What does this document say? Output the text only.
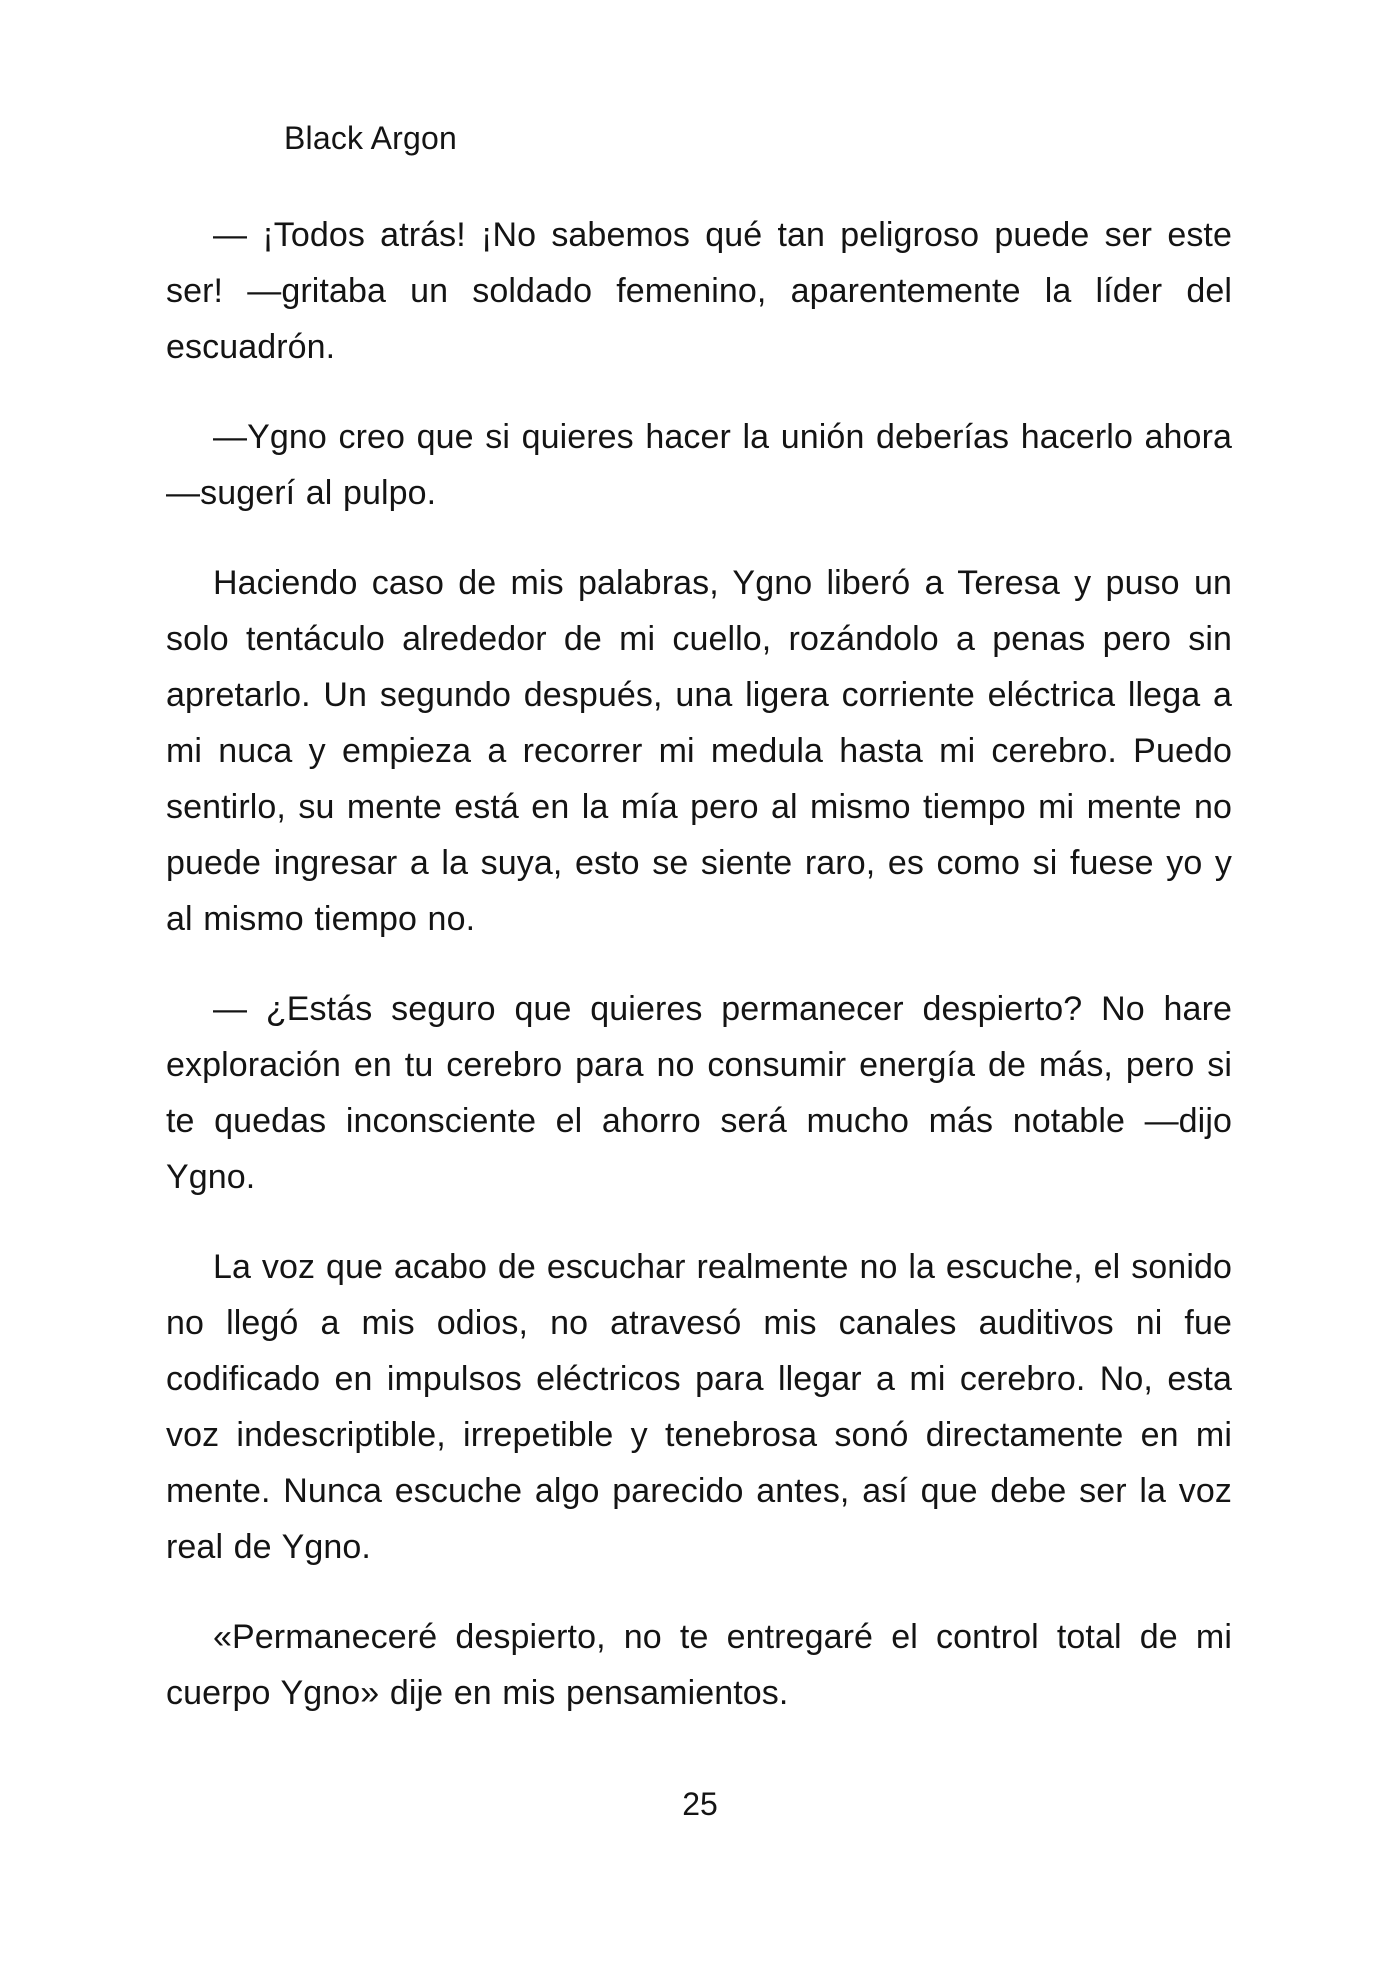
Black Argon

— ¡Todos atrás! ¡No sabemos qué tan peligroso puede ser este ser! —gritaba un soldado femenino, aparentemente la líder del escuadrón.

—Ygno creo que si quieres hacer la unión deberías hacerlo ahora —sugerí al pulpo.

Haciendo caso de mis palabras, Ygno liberó a Teresa y puso un solo tentáculo alrededor de mi cuello, rozándolo a penas pero sin apretarlo. Un segundo después, una ligera corriente eléctrica llega a mi nuca y empieza a recorrer mi medula hasta mi cerebro. Puedo sentirlo, su mente está en la mía pero al mismo tiempo mi mente no puede ingresar a la suya, esto se siente raro, es como si fuese yo y al mismo tiempo no.

— ¿Estás seguro que quieres permanecer despierto? No hare exploración en tu cerebro para no consumir energía de más, pero si te quedas inconsciente el ahorro será mucho más notable —dijo Ygno.

La voz que acabo de escuchar realmente no la escuche, el sonido no llegó a mis odios, no atravesó mis canales auditivos ni fue codificado en impulsos eléctricos para llegar a mi cerebro. No, esta voz indescriptible, irrepetible y tenebrosa sonó directamente en mi mente. Nunca escuche algo parecido antes, así que debe ser la voz real de Ygno.

«Permaneceré despierto, no te entregaré el control total de mi cuerpo Ygno» dije en mis pensamientos.

25
